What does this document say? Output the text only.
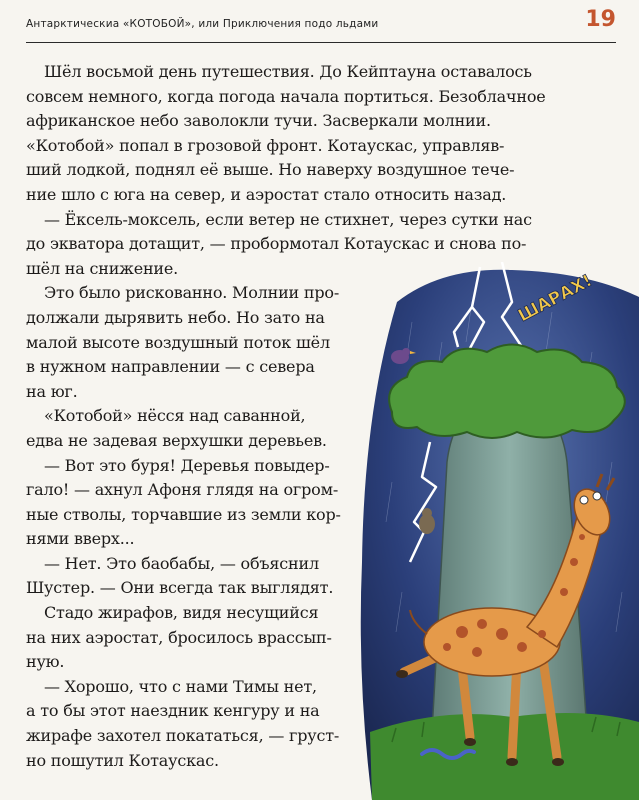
Антарктическиа «КОТОБОЙ», или Приключения подо льдами	19
Шёл восьмой день путешествия. До Кейптауна оставалось
совсем немного, когда погода начала портиться. Безоблачное
африканское небо заволокли тучи. Засверкали молнии.
«Котобой» попал в грозовой фронт. Котаускас, управляв-
ший лодкой, поднял её выше. Но наверху воздушное тече-
ние шло с юга на север, и аэростат стало относить назад.
— Ёксель-моксель, если ветер не стихнет, через сутки нас
до экватора дотащит, — пробормотал Котаускас и снова по-
шёл на снижение.
Это было рискованно. Молнии про-
должали дырявить небо. Но зато на
малой высоте воздушный поток шёл
в нужном направлении — с севера
на юг.
«Котобой» нёсся над саванной,
едва не задевая верхушки деревьев.
— Вот это буря! Деревья повыдер-
гало! — ахнул Афоня глядя на огром-
ные стволы, торчавшие из земли кор-
нями вверх...
— Нет. Это баобабы, — объяснил
Шустер. — Они всегда так выглядят.
Стадо жирафов, видя несущийся
на них аэростат, бросилось врассып-
ную.
— Хорошо, что с нами Тимы нет,
а то бы этот наездник кенгуру и на
жирафе захотел покататься, — груст-
но пошутил Котаускас.
ШАРАХ!
